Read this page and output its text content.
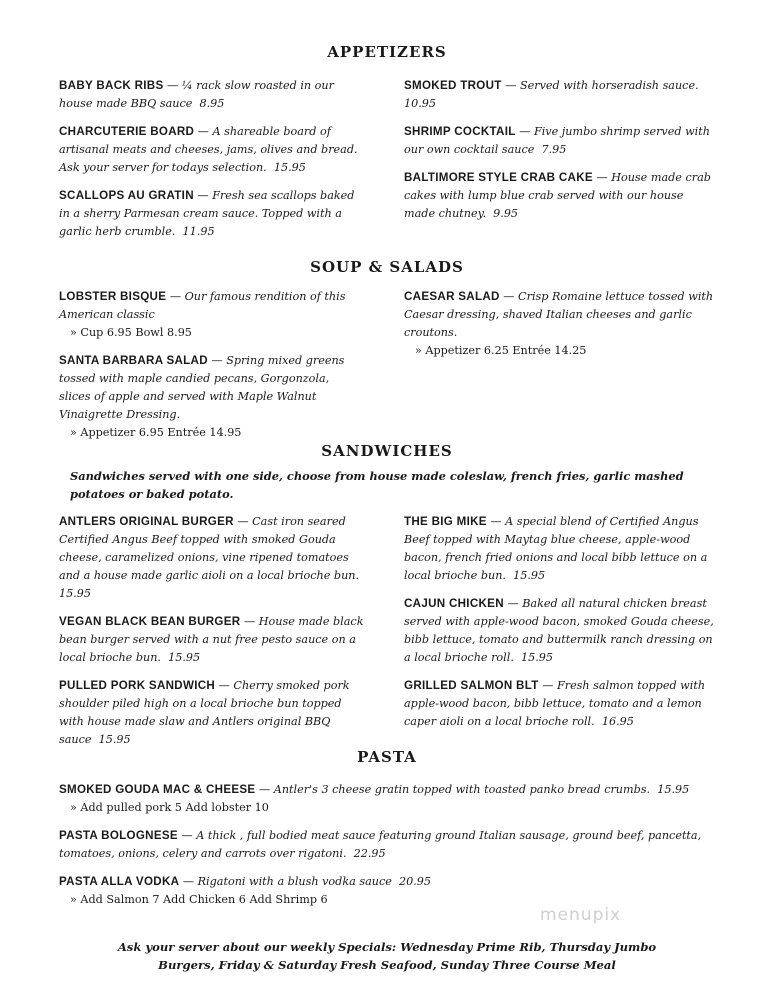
APPETIZERS
BABY BACK RIBS — ¼ rack slow roasted in our house made BBQ sauce 8.95
CHARCUTERIE BOARD — A shareable board of artisanal meats and cheeses, jams, olives and bread. Ask your server for todays selection. 15.95
SCALLOPS AU GRATIN — Fresh sea scallops baked in a sherry Parmesan cream sauce. Topped with a garlic herb crumble. 11.95
SMOKED TROUT — Served with horseradish sauce.  10.95
SHRIMP COCKTAIL — Five jumbo shrimp served with our own cocktail sauce 7.95
BALTIMORE STYLE CRAB CAKE — House made crab cakes with lump blue crab served with our house made chutney. 9.95
SOUP & SALADS
LOBSTER BISQUE — Our famous rendition of this American classic
» Cup 6.95 Bowl 8.95
SANTA BARBARA SALAD — Spring mixed greens tossed with maple candied pecans, Gorgonzola, slices of apple and served with Maple Walnut Vinaigrette Dressing.
» Appetizer 6.95 Entrée 14.95
CAESAR SALAD — Crisp Romaine lettuce tossed with Caesar dressing, shaved Italian cheeses and garlic croutons.
» Appetizer 6.25 Entrée 14.25
SANDWICHES
Sandwiches served with one side, choose from house made coleslaw, french fries, garlic mashed potatoes or baked potato.
ANTLERS ORIGINAL BURGER — Cast iron seared Certified Angus Beef topped with smoked Gouda cheese, caramelized onions, vine ripened tomatoes and a house made garlic aioli on a local brioche bun.  15.95
VEGAN BLACK BEAN BURGER — House made black bean burger served with a nut free pesto sauce on a local brioche bun. 15.95
PULLED PORK SANDWICH — Cherry smoked pork shoulder piled high on a local brioche bun topped with house made slaw and Antlers original BBQ sauce 15.95
THE BIG MIKE — A special blend of Certified Angus Beef topped with Maytag blue cheese, apple-wood bacon, french fried onions and local bibb lettuce on a local brioche bun. 15.95
CAJUN CHICKEN — Baked all natural chicken breast served with apple-wood bacon, smoked Gouda cheese, bibb lettuce, tomato and buttermilk ranch dressing on a local brioche roll. 15.95
GRILLED SALMON BLT — Fresh salmon topped with apple-wood bacon, bibb lettuce, tomato and a lemon caper aioli on a local brioche roll. 16.95
PASTA
SMOKED GOUDA MAC & CHEESE — Antler's 3 cheese gratin topped with toasted panko bread crumbs. 15.95
» Add pulled pork 5 Add lobster 10
PASTA BOLOGNESE — A thick , full bodied meat sauce featuring ground Italian sausage, ground beef, pancetta, tomatoes, onions, celery and carrots over rigatoni. 22.95
PASTA ALLA VODKA — Rigatoni with a blush vodka sauce 20.95
» Add Salmon 7 Add Chicken 6 Add Shrimp 6
menupix
Ask your server about our weekly Specials: Wednesday Prime Rib, Thursday Jumbo Burgers, Friday & Saturday Fresh Seafood, Sunday Three Course Meal
